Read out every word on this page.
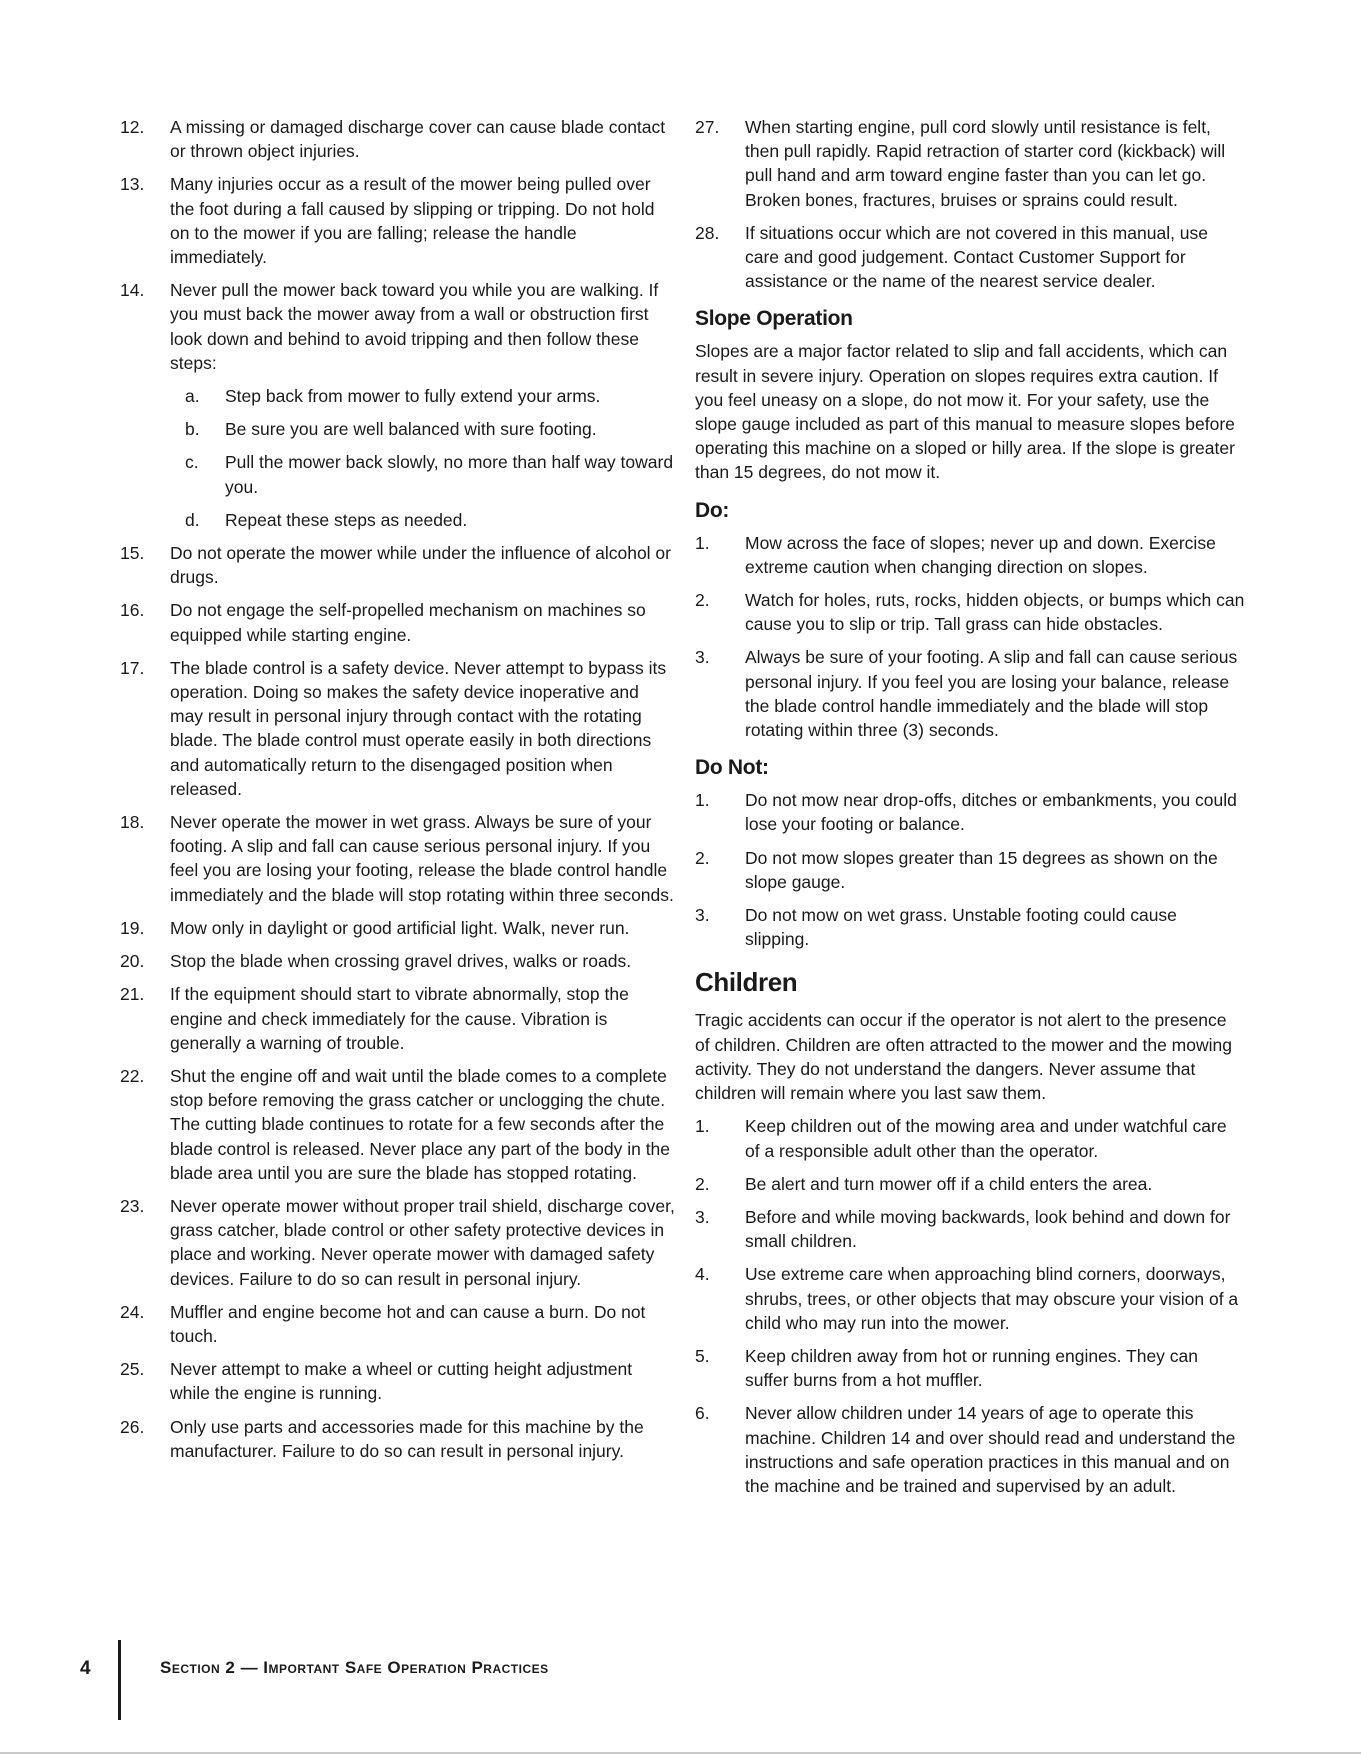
12. A missing or damaged discharge cover can cause blade contact or thrown object injuries.
13. Many injuries occur as a result of the mower being pulled over the foot during a fall caused by slipping or tripping. Do not hold on to the mower if you are falling; release the handle immediately.
14. Never pull the mower back toward you while you are walking. If you must back the mower away from a wall or obstruction first look down and behind to avoid tripping and then follow these steps:
a. Step back from mower to fully extend your arms.
b. Be sure you are well balanced with sure footing.
c. Pull the mower back slowly, no more than half way toward you.
d. Repeat these steps as needed.
15. Do not operate the mower while under the influence of alcohol or drugs.
16. Do not engage the self-propelled mechanism on machines so equipped while starting engine.
17. The blade control is a safety device. Never attempt to bypass its operation. Doing so makes the safety device inoperative and may result in personal injury through contact with the rotating blade. The blade control must operate easily in both directions and automatically return to the disengaged position when released.
18. Never operate the mower in wet grass. Always be sure of your footing. A slip and fall can cause serious personal injury. If you feel you are losing your footing, release the blade control handle immediately and the blade will stop rotating within three seconds.
19. Mow only in daylight or good artificial light. Walk, never run.
20. Stop the blade when crossing gravel drives, walks or roads.
21. If the equipment should start to vibrate abnormally, stop the engine and check immediately for the cause. Vibration is generally a warning of trouble.
22. Shut the engine off and wait until the blade comes to a complete stop before removing the grass catcher or unclogging the chute. The cutting blade continues to rotate for a few seconds after the blade control is released. Never place any part of the body in the blade area until you are sure the blade has stopped rotating.
23. Never operate mower without proper trail shield, discharge cover, grass catcher, blade control or other safety protective devices in place and working. Never operate mower with damaged safety devices. Failure to do so can result in personal injury.
24. Muffler and engine become hot and can cause a burn. Do not touch.
25. Never attempt to make a wheel or cutting height adjustment while the engine is running.
26. Only use parts and accessories made for this machine by the manufacturer. Failure to do so can result in personal injury.
27. When starting engine, pull cord slowly until resistance is felt, then pull rapidly. Rapid retraction of starter cord (kickback) will pull hand and arm toward engine faster than you can let go. Broken bones, fractures, bruises or sprains could result.
28. If situations occur which are not covered in this manual, use care and good judgement. Contact Customer Support for assistance or the name of the nearest service dealer.
Slope Operation

Slopes are a major factor related to slip and fall accidents, which can result in severe injury. Operation on slopes requires extra caution. If you feel uneasy on a slope, do not mow it. For your safety, use the slope gauge included as part of this manual to measure slopes before operating this machine on a sloped or hilly area. If the slope is greater than 15 degrees, do not mow it.

Do:
1. Mow across the face of slopes; never up and down. Exercise extreme caution when changing direction on slopes.
2. Watch for holes, ruts, rocks, hidden objects, or bumps which can cause you to slip or trip. Tall grass can hide obstacles.
3. Always be sure of your footing. A slip and fall can cause serious personal injury. If you feel you are losing your balance, release the blade control handle immediately and the blade will stop rotating within three (3) seconds.
Do Not:
1. Do not mow near drop-offs, ditches or embankments, you could lose your footing or balance.
2. Do not mow slopes greater than 15 degrees as shown on the slope gauge.
3. Do not mow on wet grass. Unstable footing could cause slipping.
Children

Tragic accidents can occur if the operator is not alert to the presence of children. Children are often attracted to the mower and the mowing activity. They do not understand the dangers. Never assume that children will remain where you last saw them.

1. Keep children out of the mowing area and under watchful care of a responsible adult other than the operator.
2. Be alert and turn mower off if a child enters the area.
3. Before and while moving backwards, look behind and down for small children.
4. Use extreme care when approaching blind corners, doorways, shrubs, trees, or other objects that may obscure your vision of a child who may run into the mower.
5. Keep children away from hot or running engines. They can suffer burns from a hot muffler.
6. Never allow children under 14 years of age to operate this machine. Children 14 and over should read and understand the instructions and safe operation practices in this manual and on the machine and be trained and supervised by an adult.
4	Section 2 — Important Safe Operation Practices
